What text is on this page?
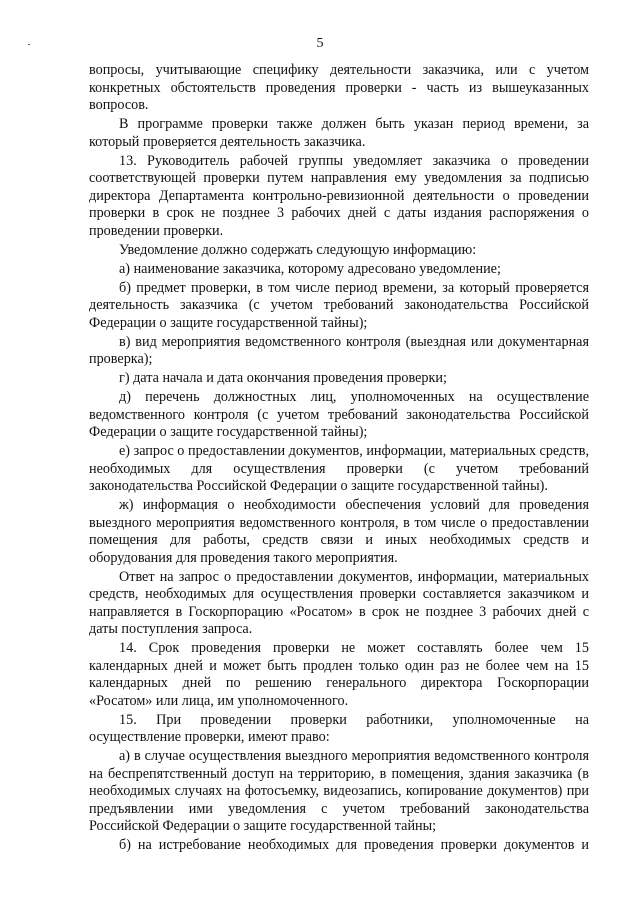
5

вопросы, учитывающие специфику деятельности заказчика, или с учетом конкретных обстоятельств проведения проверки - часть из вышеуказанных вопросов.

В программе проверки также должен быть указан период времени, за который проверяется деятельность заказчика.

13. Руководитель рабочей группы уведомляет заказчика о проведении соответствующей проверки путем направления ему уведомления за подписью директора Департамента контрольно-ревизионной деятельности о проведении проверки в срок не позднее 3 рабочих дней с даты издания распоряжения о проведении проверки.

Уведомление должно содержать следующую информацию:

а) наименование заказчика, которому адресовано уведомление;

б) предмет проверки, в том числе период времени, за который проверяется деятельность заказчика (с учетом требований законодательства Российской Федерации о защите государственной тайны);

в) вид мероприятия ведомственного контроля (выездная или документарная проверка);

г) дата начала и дата окончания проведения проверки;

д) перечень должностных лиц, уполномоченных на осуществление ведомственного контроля (с учетом требований законодательства Российской Федерации о защите государственной тайны);

е) запрос о предоставлении документов, информации, материальных средств, необходимых для осуществления проверки (с учетом требований законодательства Российской Федерации о защите государственной тайны).

ж) информация о необходимости обеспечения условий для проведения выездного мероприятия ведомственного контроля, в том числе о предоставлении помещения для работы, средств связи и иных необходимых средств и оборудования для проведения такого мероприятия.

Ответ на запрос о предоставлении документов, информации, материальных средств, необходимых для осуществления проверки составляется заказчиком и направляется в Госкорпорацию «Росатом» в срок не позднее 3 рабочих дней с даты поступления запроса.

14. Срок проведения проверки не может составлять более чем 15 календарных дней и может быть продлен только один раз не более чем на 15 календарных дней по решению генерального директора Госкорпорации «Росатом» или лица, им уполномоченного.

15. При проведении проверки работники, уполномоченные на осуществление проверки, имеют право:

а) в случае осуществления выездного мероприятия ведомственного контроля на беспрепятственный доступ на территорию, в помещения, здания заказчика (в необходимых случаях на фотосъемку, видеозапись, копирование документов) при предъявлении ими уведомления с учетом требований законодательства Российской Федерации о защите государственной тайны;

б) на истребование необходимых для проведения проверки документов и
